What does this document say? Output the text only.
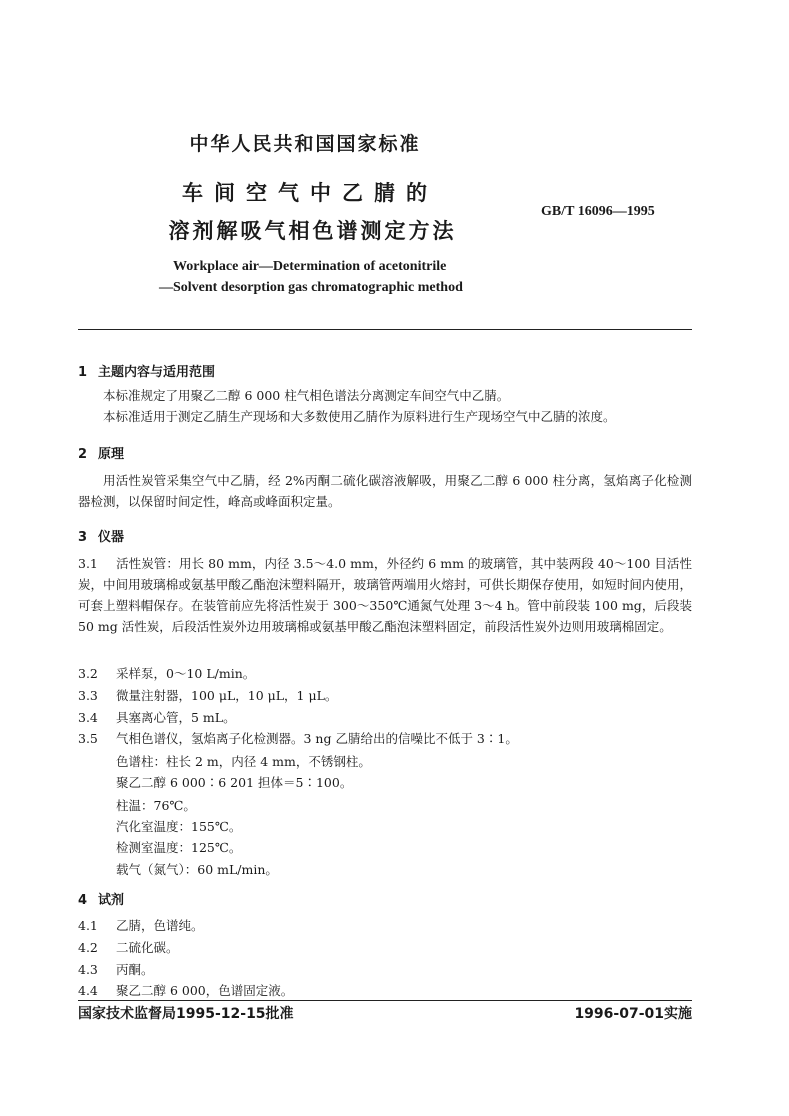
中华人民共和国国家标准
车间空气中乙腈的
溶剂解吸气相色谱测定方法
GB/T 16096—1995
Workplace air—Determination of acetonitrile
—Solvent desorption gas chromatographic method
1 主题内容与适用范围

本标准规定了用聚乙二醇 6 000 柱气相色谱法分离测定车间空气中乙腈。

本标准适用于测定乙腈生产现场和大多数使用乙腈作为原料进行生产现场空气中乙腈的浓度。

2 原理

用活性炭管采集空气中乙腈，经 2%丙酮二硫化碳溶液解吸，用聚乙二醇 6 000 柱分离，氢焰离子化检测器检测，以保留时间定性，峰高或峰面积定量。

3 仪器
3.1 活性炭管：用长 80 mm，内径 3.5～4.0 mm，外径约 6 mm 的玻璃管，其中装两段 40～100 目活性炭，中间用玻璃棉或氨基甲酸乙酯泡沫塑料隔开，玻璃管两端用火熔封，可供长期保存使用，如短时间内使用，可套上塑料帽保存。在装管前应先将活性炭于 300～350℃通氮气处理 3～4 h。管中前段装 100 mg，后段装 50 mg 活性炭，后段活性炭外边用玻璃棉或氨基甲酸乙酯泡沫塑料固定，前段活性炭外边则用玻璃棉固定。
3.2 采样泵，0～10 L/min。
3.3 微量注射器，100 μL，10 μL，1 μL。
3.4 具塞离心管，5 mL。
3.5 气相色谱仪，氢焰离子化检测器。3 ng 乙腈给出的信噪比不低于 3∶1。
色谱柱：柱长 2 m，内径 4 mm，不锈钢柱。
聚乙二醇 6 000∶6 201 担体＝5∶100。
柱温：76℃。
汽化室温度：155℃。
检测室温度：125℃。
载气（氮气）：60 mL/min。
4 试剂
4.1 乙腈，色谱纯。
4.2 二硫化碳。
4.3 丙酮。
4.4 聚乙二醇 6 000，色谱固定液。
国家技术监督局1995-12-15批准	1996-07-01实施
